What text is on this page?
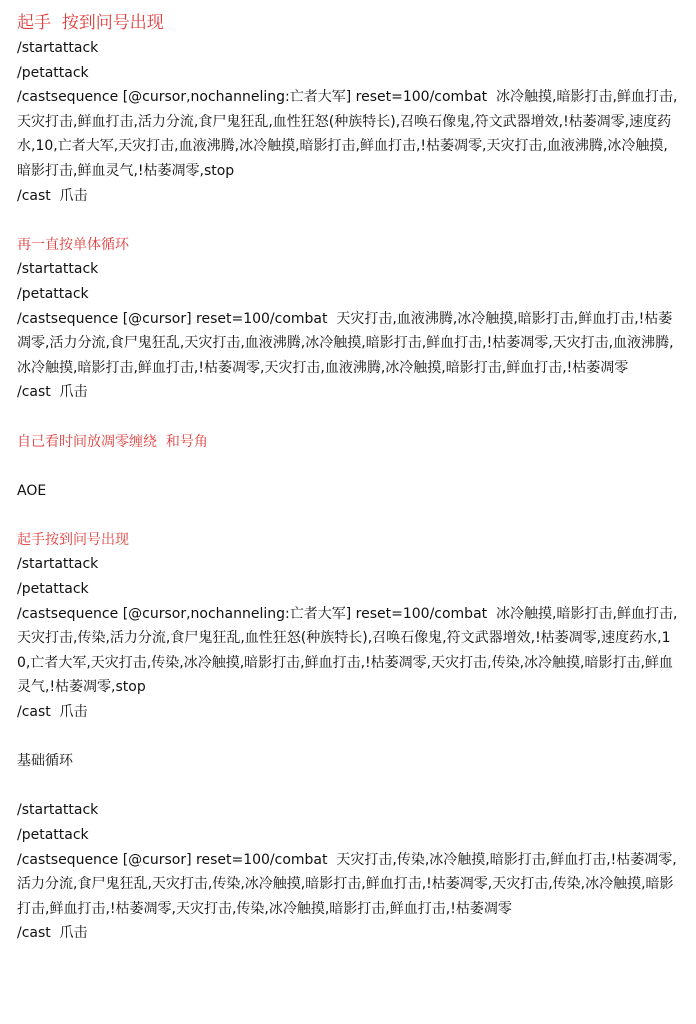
起手  按到问号出现
/startattack
/petattack
/castsequence [@cursor,nochanneling:亡者大军] reset=100/combat  冰冷触摸,暗影打击,鲜血打击,天灾打击,鲜血打击,活力分流,食尸鬼狂乱,血性狂怒(种族特长),召唤石像鬼,符文武器增效,!枯萎凋零,速度药水,10,亡者大军,天灾打击,血液沸腾,冰冷触摸,暗影打击,鲜血打击,!枯萎凋零,天灾打击,血液沸腾,冰冷触摸,暗影打击,鲜血灵气,!枯萎凋零,stop
/cast  爪击
再一直按单体循环
/startattack
/petattack
/castsequence [@cursor] reset=100/combat  天灾打击,血液沸腾,冰冷触摸,暗影打击,鲜血打击,!枯萎凋零,活力分流,食尸鬼狂乱,天灾打击,血液沸腾,冰冷触摸,暗影打击,鲜血打击,!枯萎凋零,天灾打击,血液沸腾,冰冷触摸,暗影打击,鲜血打击,!枯萎凋零,天灾打击,血液沸腾,冰冷触摸,暗影打击,鲜血打击,!枯萎凋零
/cast  爪击
自己看时间放凋零缠绕  和号角
AOE
起手按到问号出现
/startattack
/petattack
/castsequence [@cursor,nochanneling:亡者大军] reset=100/combat  冰冷触摸,暗影打击,鲜血打击,天灾打击,传染,活力分流,食尸鬼狂乱,血性狂怒(种族特长),召唤石像鬼,符文武器增效,!枯萎凋零,速度药水,10,亡者大军,天灾打击,传染,冰冷触摸,暗影打击,鲜血打击,!枯萎凋零,天灾打击,传染,冰冷触摸,暗影打击,鲜血灵气,!枯萎凋零,stop
/cast  爪击
基础循环
/startattack
/petattack
/castsequence [@cursor] reset=100/combat  天灾打击,传染,冰冷触摸,暗影打击,鲜血打击,!枯萎凋零,活力分流,食尸鬼狂乱,天灾打击,传染,冰冷触摸,暗影打击,鲜血打击,!枯萎凋零,天灾打击,传染,冰冷触摸,暗影打击,鲜血打击,!枯萎凋零,天灾打击,传染,冰冷触摸,暗影打击,鲜血打击,!枯萎凋零
/cast  爪击
